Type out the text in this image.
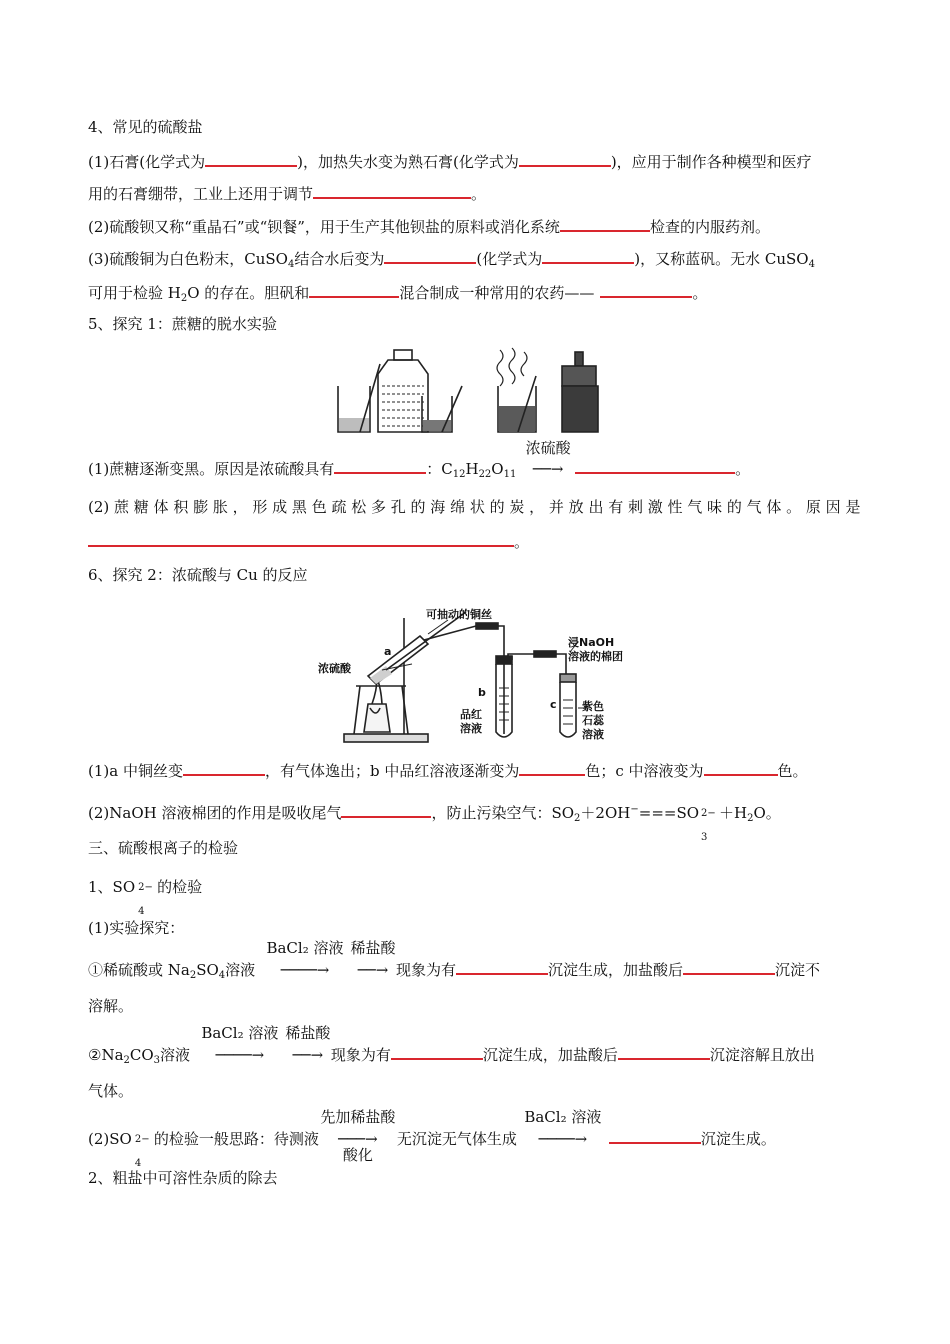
4、常见的硫酸盐
(1)石膏(化学式为	)，加热失水变为熟石膏(化学式为	)，应用于制作各种模型和医疗
用的石膏绷带，工业上还用于调节	。
(2)硫酸钡又称“重晶石”或“钡餐”，用于生产其他钡盐的原料或消化系统	检查的内服药剂。
(3)硫酸铜为白色粉末，CuSO$_4$结合水后变为	(化学式为	)，又称蓝矾。无水 CuSO$_4$
可用于检验 $H_2O$ 的存在。胆矾和	混合制成一种常用的农药——	。
5、探究 1：蔗糖的脱水实验
(1)蔗糖逐渐变黑。原因是浓硫酸具有	：$C_{12}H_{22}O_{11}$
浓硫酸
──→	。
(2) 蔗 糖 体 积 膨 胀 ， 形 成 黑 色 疏 松 多 孔 的 海 绵 状 的 炭 ， 并 放 出 有 刺 激 性 气 味 的 气 体 。 原 因 是
。
6、探究 2：浓硫酸与 Cu 的反应
可抽动的铜丝
浓硫酸
a
b
c
浸NaOH
溶液的棉团
品红
溶液
紫色
石蕊
溶液
(1)a 中铜丝变	，有气体逸出；b 中品红溶液逐渐变为	色；c 中溶液变为	色。
(2)NaOH 溶液棉团的作用是吸收尾气	，防止污染空气：$SO_2+2OH^-===SO$ 2−
3
$+H_2O$。
三、硫酸根离子的检验
1、SO 2−
4
的检验
(1)实验探究：
①稀硫酸或 $Na_2SO_4$溶液
BaCl₂ 溶液
────→
稀盐酸
──→ 现象为有	沉淀生成，加盐酸后	沉淀不
溶解。
$②Na_2CO_3$溶液
BaCl₂ 溶液
────→
稀盐酸
──→ 现象为有	沉淀生成，加盐酸后	沉淀溶解且放出
气体。
(2)SO 2−
4
的检验一般思路：待测液
先加稀盐酸
───→
酸化
无沉淀无气体生成
BaCl₂ 溶液
────→	沉淀生成。
2、粗盐中可溶性杂质的除去
